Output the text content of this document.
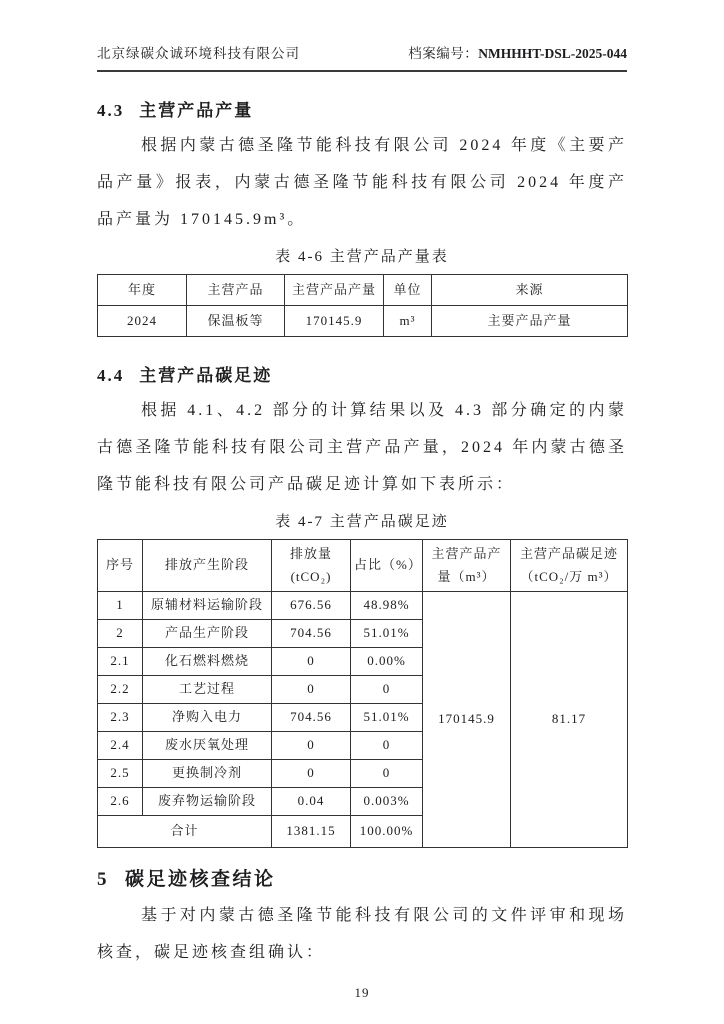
北京绿碳众诚环境科技有限公司	档案编号：NMHHHT-DSL-2025-044
4.3 主营产品产量

根据内蒙古德圣隆节能科技有限公司 2024 年度《主要产品产量》报表，内蒙古德圣隆节能科技有限公司 2024 年度产品产量为 170145.9m³。

表 4-6 主营产品产量表
年度	主营产品	主营产品产量	单位	来源
2024	保温板等	170145.9	m³	主要产品产量
4.4 主营产品碳足迹

根据 4.1、4.2 部分的计算结果以及 4.3 部分确定的内蒙古德圣隆节能科技有限公司主营产品产量，2024 年内蒙古德圣隆节能科技有限公司产品碳足迹计算如下表所示：

表 4-7 主营产品碳足迹
序号	排放产生阶段	排放量 (tCO₂)	占比（%）	主营产品产量（m³）	主营产品碳足迹（tCO₂/万 m³）
1	原辅材料运输阶段	676.56	48.98%	170145.9	81.17
2	产品生产阶段	704.56	51.01%		
2.1	化石燃料燃烧	0	0.00%		
2.2	工艺过程	0	0		
2.3	净购入电力	704.56	51.01%		
2.4	废水厌氧处理	0	0		
2.5	更换制冷剂	0	0		
2.6	废弃物运输阶段	0.04	0.003%		
合计		1381.15	100.00%		
5 碳足迹核查结论

基于对内蒙古德圣隆节能科技有限公司的文件评审和现场核查，碳足迹核查组确认：

19
